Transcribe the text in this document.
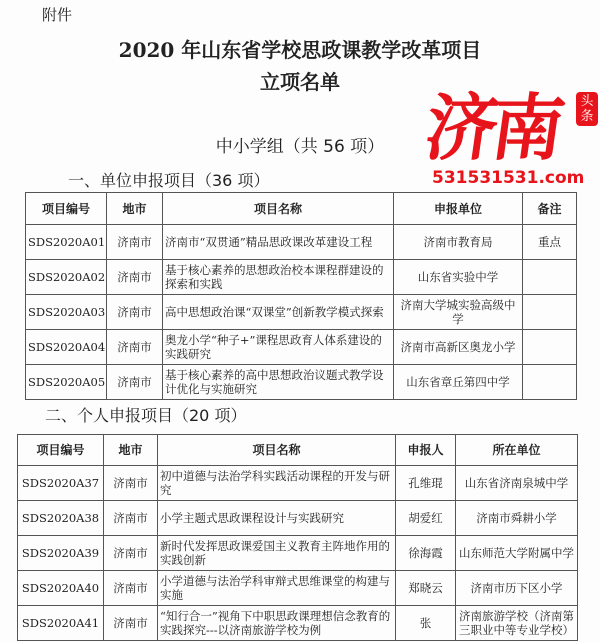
附件
2020 年山东省学校思政课教学改革项目
立项名单
中小学组（共 56 项）
一、单位申报项目（36 项）
项目编号	地市	项目名称	申报单位	备注
SDS2020A01	济南市	济南市“双贯通”精品思政课改革建设工程	济南市教育局	重点
SDS2020A02	济南市	基于核心素养的思想政治校本课程群建设的探索和实践	山东省实验中学	
SDS2020A03	济南市	高中思想政治课“双课堂”创新教学模式探索	济南大学城实验高级中学	
SDS2020A04	济南市	奥龙小学“种子+”课程思政育人体系建设的实践研究	济南市高新区奥龙小学	
SDS2020A05	济南市	基于核心素养的高中思想政治议题式教学设计优化与实施研究	山东省章丘第四中学	
二、个人申报项目（20 项）
项目编号	地市	项目名称	申报人	所在单位
SDS2020A37	济南市	初中道德与法治学科实践活动课程的开发与研究	孔维琨	山东省济南泉城中学
SDS2020A38	济南市	小学主题式思政课程设计与实践研究	胡爱红	济南市舜耕小学
SDS2020A39	济南市	新时代发挥思政课爱国主义教育主阵地作用的实践创新	徐海霞	山东师范大学附属中学
SDS2020A40	济南市	小学道德与法治学科审辩式思维课堂的构建与实施	郑晓云	济南市历下区小学
SDS2020A41	济南市	“知行合一”视角下中职思政课理想信念教育的实践探究---以济南旅游学校为例	张	济南旅游学校（济南第三职业中等专业学校）
济南	头条
531531531.com
